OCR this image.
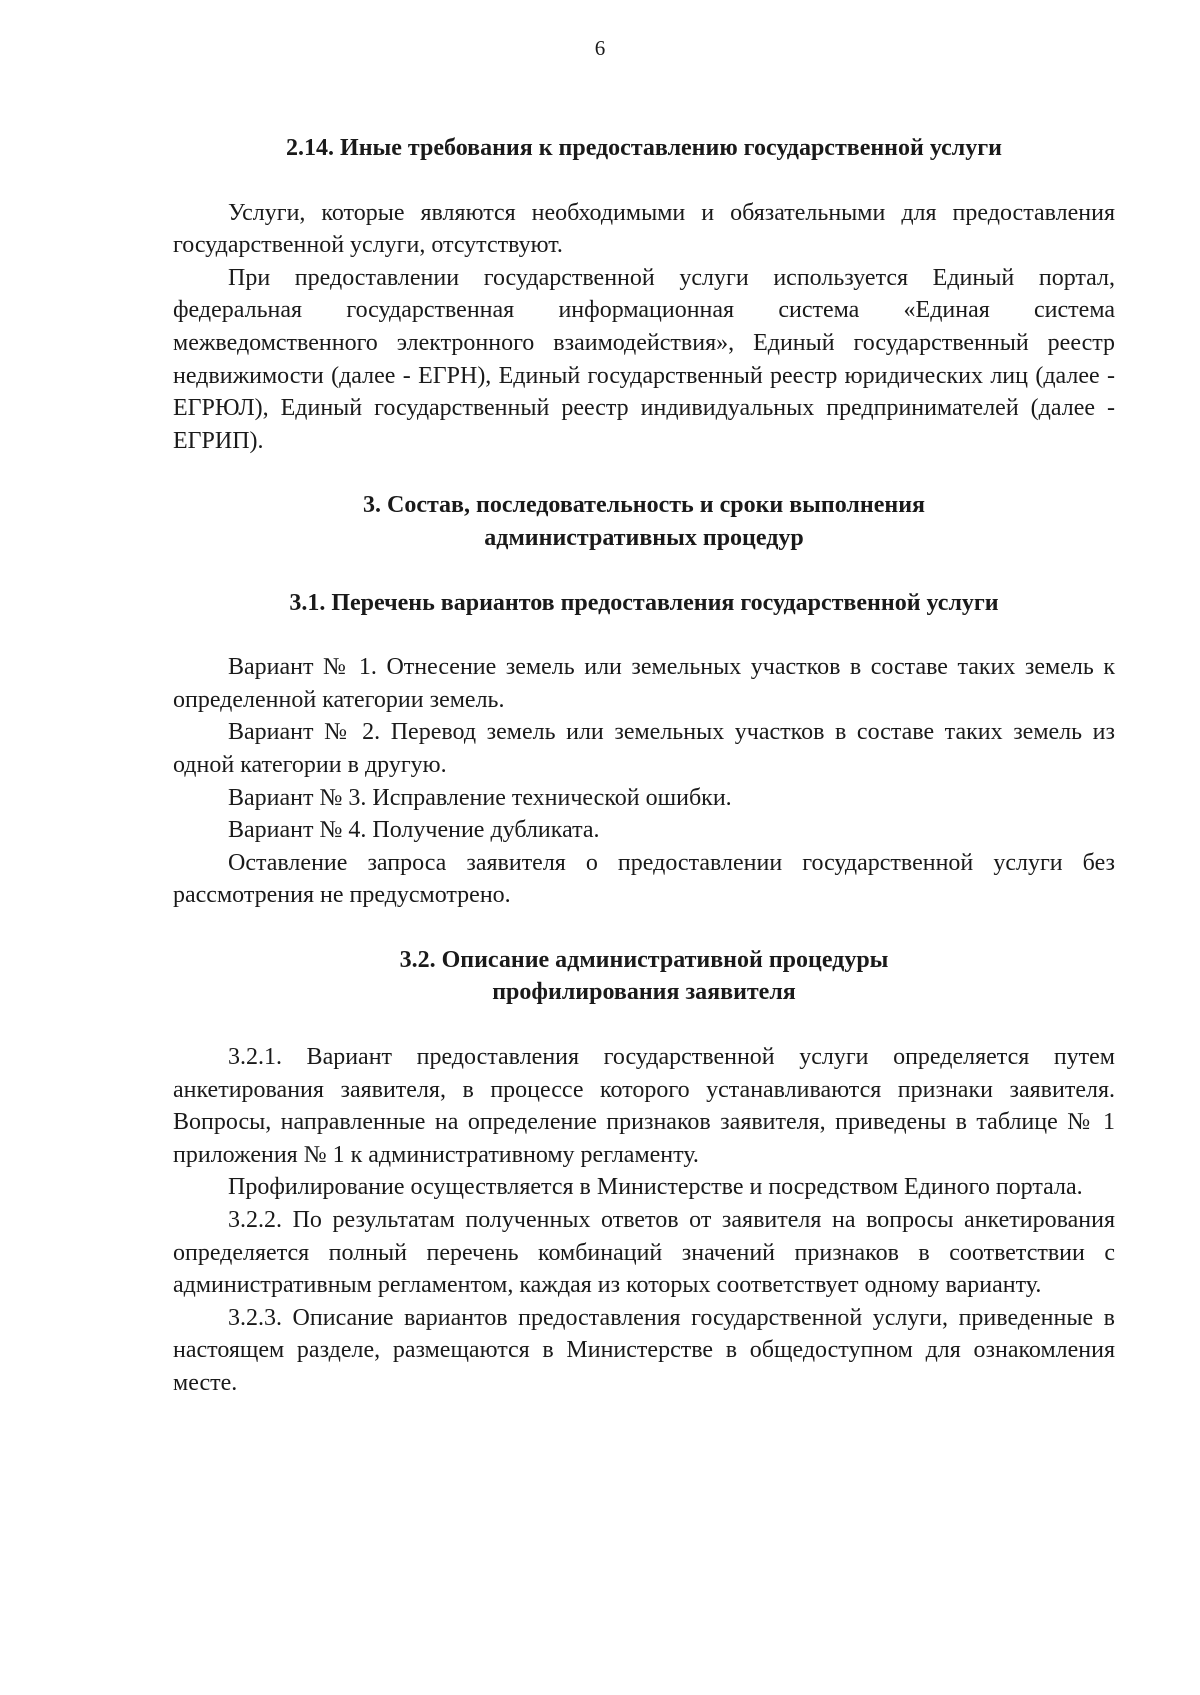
6

2.14. Иные требования к предоставлению государственной услуги

Услуги, которые являются необходимыми и обязательными для предоставления государственной услуги, отсутствуют.

При предоставлении государственной услуги используется Единый портал, федеральная государственная информационная система «Единая система межведомственного электронного взаимодействия», Единый государственный реестр недвижимости (далее - ЕГРН), Единый государственный реестр юридических лиц (далее - ЕГРЮЛ), Единый государственный реестр индивидуальных предпринимателей (далее - ЕГРИП).

3. Состав, последовательность и сроки выполнения

административных процедур

3.1. Перечень вариантов предоставления государственной услуги

Вариант № 1. Отнесение земель или земельных участков в составе таких земель к определенной категории земель.

Вариант № 2. Перевод земель или земельных участков в составе таких земель из одной категории в другую.

Вариант № 3. Исправление технической ошибки.

Вариант № 4. Получение дубликата.

Оставление запроса заявителя о предоставлении государственной услуги без рассмотрения не предусмотрено.

3.2. Описание административной процедуры

профилирования заявителя

3.2.1. Вариант предоставления государственной услуги определяется путем анкетирования заявителя, в процессе которого устанавливаются признаки заявителя. Вопросы, направленные на определение признаков заявителя, приведены в таблице № 1 приложения № 1 к административному регламенту.

Профилирование осуществляется в Министерстве и посредством Единого портала.

3.2.2. По результатам полученных ответов от заявителя на вопросы анкетирования определяется полный перечень комбинаций значений признаков в соответствии с административным регламентом, каждая из которых соответствует одному варианту.

3.2.3. Описание вариантов предоставления государственной услуги, приведенные в настоящем разделе, размещаются в Министерстве в общедоступном для ознакомления месте.
